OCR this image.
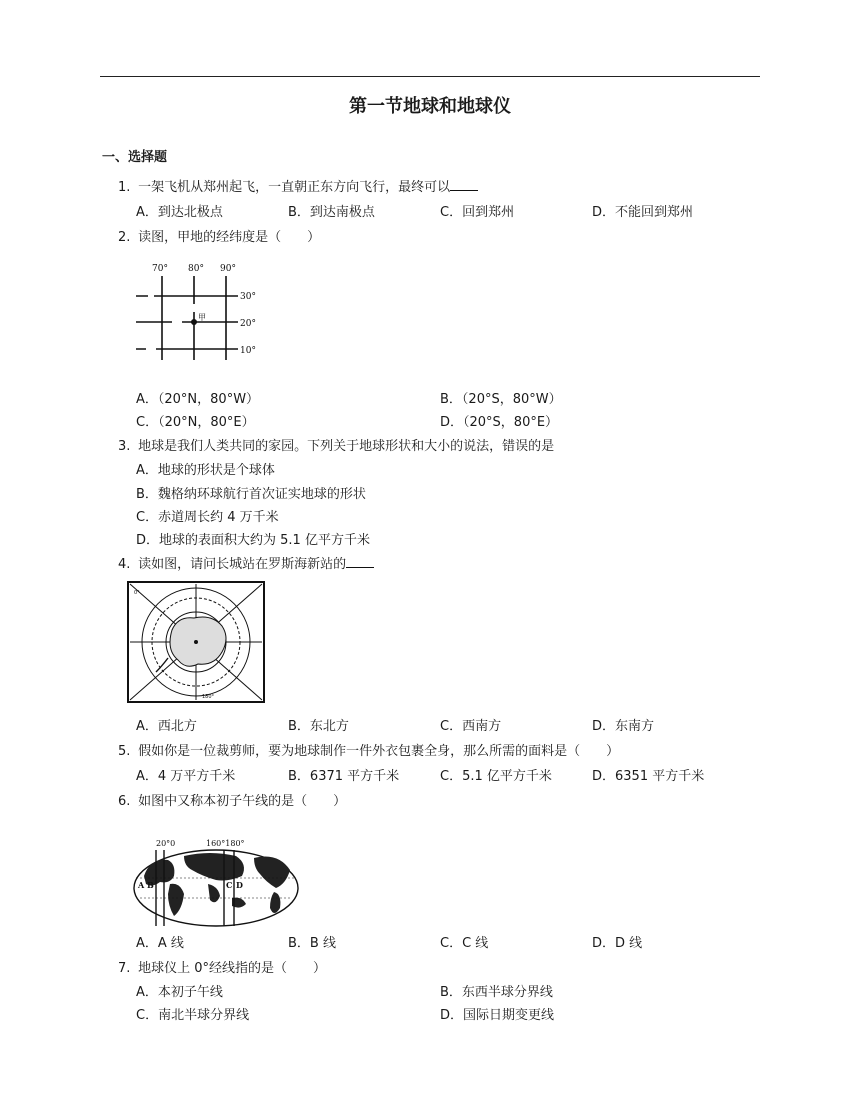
第一节地球和地球仪
一、选择题
1. 一架飞机从郑州起飞，一直朝正东方向飞行，最终可以
A．到达北极点	B．到达南极点	C．回到郑州	D．不能回到郑州
2. 读图，甲地的经纬度是（　　）
70° 80° 90°
30°
20°
10°
甲
A．（20°N，80°W）	B．（20°S，80°W）
C．（20°N，80°E）	D．（20°S，80°E）
3. 地球是我们人类共同的家园。下列关于地球形状和大小的说法，错误的是
A．地球的形状是个球体
B．魏格纳环球航行首次证实地球的形状
C．赤道周长约 4 万千米
D．地球的表面积大约为 5.1 亿平方千米
4. 读如图，请问长城站在罗斯海新站的
0°
180°
A．西北方	B．东北方	C．西南方	D．东南方
5. 假如你是一位裁剪师，要为地球制作一件外衣包裹全身，那么所需的面料是（　　）
A．4 万平方千米	B．6371 平方千米	C．5.1 亿平方千米	D．6351 平方千米
6. 如图中又称本初子午线的是（　　）
20°0	160°180°
A B	C D
A．A 线	B．B 线	C．C 线	D．D 线
7. 地球仪上 0°经线指的是（　　）
A．本初子午线	B．东西半球分界线
C．南北半球分界线	D．国际日期变更线
